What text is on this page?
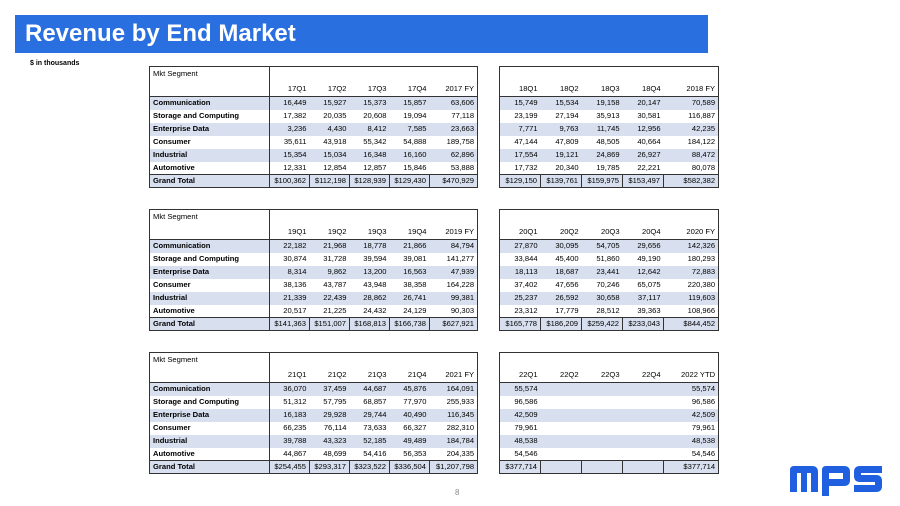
Revenue by End Market
$ in thousands
Mkt Segment											
	17Q1	17Q2	17Q3	17Q4	2017 FY		18Q1	18Q2	18Q3	18Q4	2018 FY
Communication	16,449	15,927	15,373	15,857	63,606		15,749	15,534	19,158	20,147	70,589
Storage and Computing	17,382	20,035	20,608	19,094	77,118		23,199	27,194	35,913	30,581	116,887
Enterprise Data	3,236	4,430	8,412	7,585	23,663		7,771	9,763	11,745	12,956	42,235
Consumer	35,611	43,918	55,342	54,888	189,758		47,144	47,809	48,505	40,664	184,122
Industrial	15,354	15,034	16,348	16,160	62,896		17,554	19,121	24,869	26,927	88,472
Automotive	12,331	12,854	12,857	15,846	53,888		17,732	20,340	19,785	22,221	80,078
Grand Total	$100,362	$112,198	$128,939	$129,430	$470,929		$129,150	$139,761	$159,975	$153,497	$582,382
Mkt Segment											
	19Q1	19Q2	19Q3	19Q4	2019 FY		20Q1	20Q2	20Q3	20Q4	2020 FY
Communication	22,182	21,968	18,778	21,866	84,794		27,870	30,095	54,705	29,656	142,326
Storage and Computing	30,874	31,728	39,594	39,081	141,277		33,844	45,400	51,860	49,190	180,293
Enterprise Data	8,314	9,862	13,200	16,563	47,939		18,113	18,687	23,441	12,642	72,883
Consumer	38,136	43,787	43,948	38,358	164,228		37,402	47,656	70,246	65,075	220,380
Industrial	21,339	22,439	28,862	26,741	99,381		25,237	26,592	30,658	37,117	119,603
Automotive	20,517	21,225	24,432	24,129	90,303		23,312	17,779	28,512	39,363	108,966
Grand Total	$141,363	$151,007	$168,813	$166,738	$627,921		$165,778	$186,209	$259,422	$233,043	$844,452
Mkt Segment											
	21Q1	21Q2	21Q3	21Q4	2021 FY		22Q1	22Q2	22Q3	22Q4	2022 YTD
Communication	36,070	37,459	44,687	45,876	164,091		55,574				55,574
Storage and Computing	51,312	57,795	68,857	77,970	255,933		96,586				96,586
Enterprise Data	16,183	29,928	29,744	40,490	116,345		42,509				42,509
Consumer	66,235	76,114	73,633	66,327	282,310		79,961				79,961
Industrial	39,788	43,323	52,185	49,489	184,784		48,538				48,538
Automotive	44,867	48,699	54,416	56,353	204,335		54,546				54,546
Grand Total	$254,455	$293,317	$323,522	$336,504	$1,207,798		$377,714				$377,714
8
